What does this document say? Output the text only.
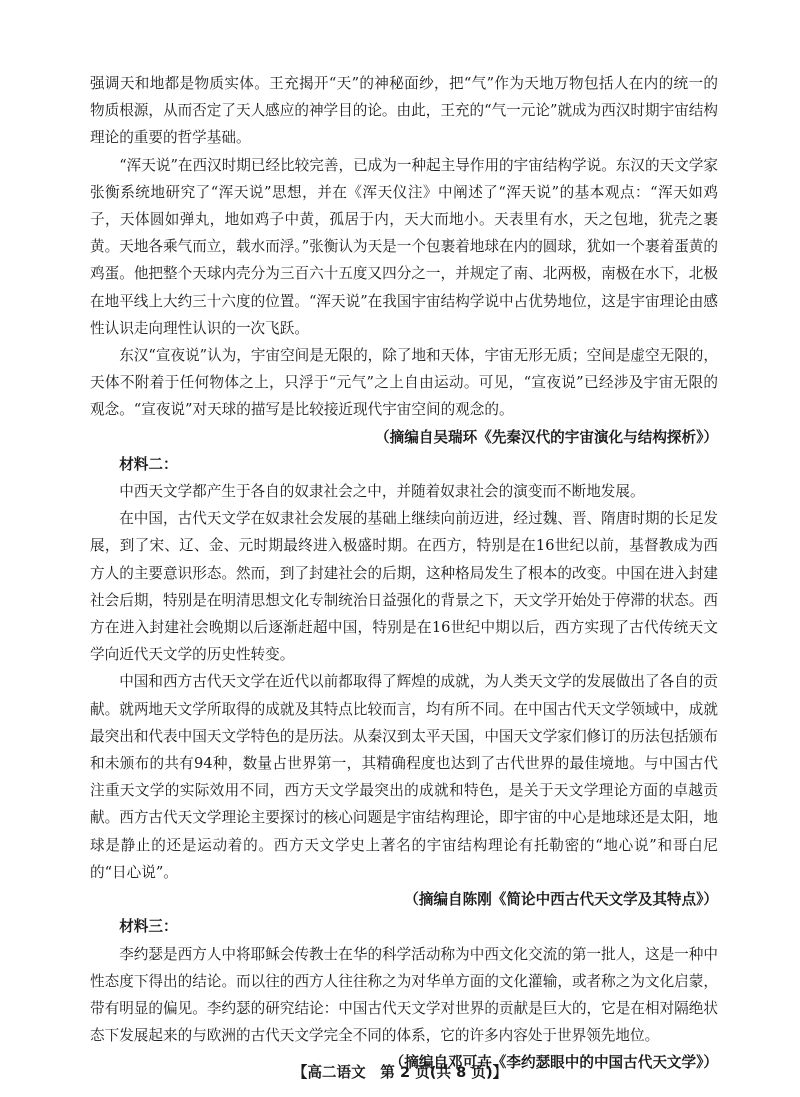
强调天和地都是物质实体。王充揭开“天”的神秘面纱，把“气”作为天地万物包括人在内的统一的物质根源，从而否定了天人感应的神学目的论。由此，王充的“气一元论”就成为西汉时期宇宙结构理论的重要的哲学基础。

“浑天说”在西汉时期已经比较完善，已成为一种起主导作用的宇宙结构学说。东汉的天文学家张衡系统地研究了“浑天说”思想，并在《浑天仪注》中阐述了“浑天说”的基本观点：“浑天如鸡子，天体圆如弹丸，地如鸡子中黄，孤居于内，天大而地小。天表里有水，天之包地，犹壳之裹黄。天地各乘气而立，载水而浮。”张衡认为天是一个包裹着地球在内的圆球，犹如一个裹着蛋黄的鸡蛋。他把整个天球内壳分为三百六十五度又四分之一，并规定了南、北两极，南极在水下，北极在地平线上大约三十六度的位置。“浑天说”在我国宇宙结构学说中占优势地位，这是宇宙理论由感性认识走向理性认识的一次飞跃。

东汉“宣夜说”认为，宇宙空间是无限的，除了地和天体，宇宙无形无质；空间是虚空无限的，天体不附着于任何物体之上，只浮于“元气”之上自由运动。可见，“宣夜说”已经涉及宇宙无限的观念。“宣夜说”对天球的描写是比较接近现代宇宙空间的观念的。

（摘编自吴瑞环《先秦汉代的宇宙演化与结构探析》）

材料二：

中西天文学都产生于各自的奴隶社会之中，并随着奴隶社会的演变而不断地发展。

在中国，古代天文学在奴隶社会发展的基础上继续向前迈进，经过魏、晋、隋唐时期的长足发展，到了宋、辽、金、元时期最终进入极盛时期。在西方，特别是在16世纪以前，基督教成为西方人的主要意识形态。然而，到了封建社会的后期，这种格局发生了根本的改变。中国在进入封建社会后期，特别是在明清思想文化专制统治日益强化的背景之下，天文学开始处于停滞的状态。西方在进入封建社会晚期以后逐渐赶超中国，特别是在16世纪中期以后，西方实现了古代传统天文学向近代天文学的历史性转变。

中国和西方古代天文学在近代以前都取得了辉煌的成就，为人类天文学的发展做出了各自的贡献。就两地天文学所取得的成就及其特点比较而言，均有所不同。在中国古代天文学领域中，成就最突出和代表中国天文学特色的是历法。从秦汉到太平天国，中国天文学家们修订的历法包括颁布和未颁布的共有94种，数量占世界第一，其精确程度也达到了古代世界的最佳境地。与中国古代注重天文学的实际效用不同，西方天文学最突出的成就和特色，是关于天文学理论方面的卓越贡献。西方古代天文学理论主要探讨的核心问题是宇宙结构理论，即宇宙的中心是地球还是太阳，地球是静止的还是运动着的。西方天文学史上著名的宇宙结构理论有托勒密的“地心说”和哥白尼的“日心说”。

（摘编自陈刚《简论中西古代天文学及其特点》）

材料三：

李约瑟是西方人中将耶稣会传教士在华的科学活动称为中西文化交流的第一批人，这是一种中性态度下得出的结论。而以往的西方人往往称之为对华单方面的文化灌输，或者称之为文化启蒙，带有明显的偏见。李约瑟的研究结论：中国古代天文学对世界的贡献是巨大的，它是在相对隔绝状态下发展起来的与欧洲的古代天文学完全不同的体系，它的许多内容处于世界领先地位。

（摘编自邓可卉《李约瑟眼中的中国古代天文学》）

【高二语文　第 2 页(共 8 页)】
